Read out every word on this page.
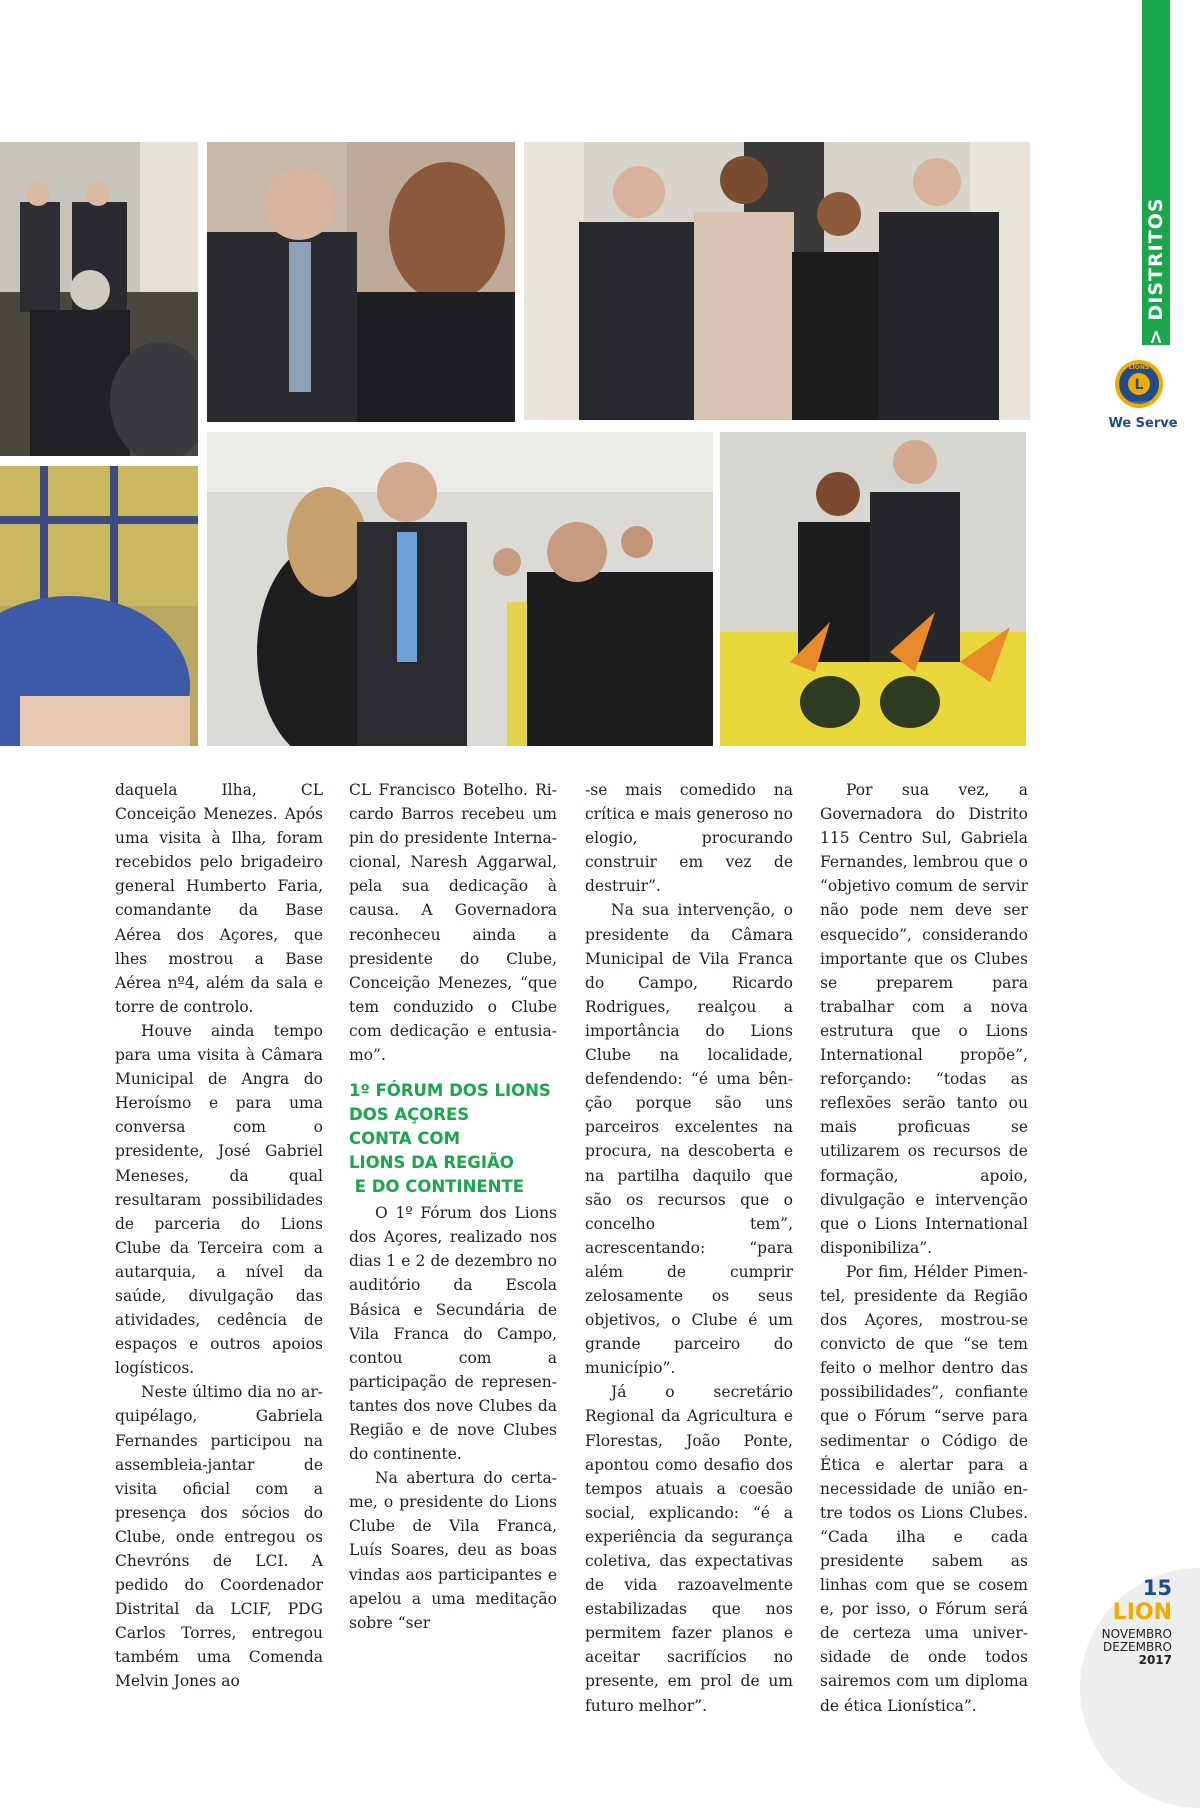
> DISTRITOS
L
LIONS
INTERNATIONAL
We Serve

daquela Ilha, CL Conceição Menezes. Após uma visita à Ilha, foram recebidos pelo brigadeiro general Humberto Faria, comandante da Base Aérea dos Açores, que lhes mostrou a Base Aérea nº4, além da sala e torre de controlo.

Houve ainda tempo para uma visita à Câmara Municipal de Angra do Heroísmo e para uma conversa com o presidente, José Gabriel Meneses, da qual resultaram possibilidades de parceria do Lions Clube da Terceira com a autarquia, a nível da saúde, divulgação das atividades, cedência de espaços e outros apoios logísticos.

Neste último dia no arquipélago, Gabriela Fernandes participou na assembleia-jantar de visita oficial com a presença dos sócios do Clube, onde entregou os Chevróns de LCI. A pedido do Coordenador Distrital da LCIF, PDG Carlos Torres, entregou também uma Comenda Melvin Jones ao

CL Francisco Botelho. Ricardo Barros recebeu um pin do presidente Internacional, Naresh Aggarwal, pela sua dedicação à causa. A Governadora reconheceu ainda a presidente do Clube, Conceição Menezes, “que tem conduzido o Clube com dedicação e entusiamo”.

1º FÓRUM DOS LIONS
DOS AÇORES
CONTA COM
LIONS DA REGIÃO
E DO CONTINENTE

O 1º Fórum dos Lions dos Açores, realizado nos dias 1 e 2 de dezembro no auditório da Escola Básica e Secundária de Vila Franca do Campo, contou com a participação de representantes dos nove Clubes da Região e de nove Clubes do continente.

Na abertura do certame, o presidente do Lions Clube de Vila Franca, Luís Soares, deu as boas vindas aos participantes e apelou a uma meditação sobre “ser

-se mais comedido na crítica e mais generoso no elogio, procurando construir em vez de destruir”.

Na sua intervenção, o presidente da Câmara Municipal de Vila Franca do Campo, Ricardo Rodrigues, realçou a importância do Lions Clube na localidade, defendendo: “é uma bênção porque são uns parceiros excelentes na procura, na descoberta e na partilha daquilo que são os recursos que o concelho tem”, acrescentando: “para além de cumprir zelosamente os seus objetivos, o Clube é um grande parceiro do município”.

Já o secretário Regional da Agricultura e Florestas, João Ponte, apontou como desafio dos tempos atuais a coesão social, explicando: “é a experiência da segurança coletiva, das expectativas de vida razoavelmente estabilizadas que nos permitem fazer planos e aceitar sacrifícios no presente, em prol de um futuro melhor”.

Por sua vez, a Governadora do Distrito 115 Centro Sul, Gabriela Fernandes, lembrou que o “objetivo comum de servir não pode nem deve ser esquecido”, considerando importante que os Clubes se preparem para trabalhar com a nova estrutura que o Lions International propõe”, reforçando: “todas as reflexões serão tanto ou mais proficuas se utilizarem os recursos de formação, apoio, divulgação e intervenção que o Lions International disponibiliza”.

Por fim, Hélder Pimentel, presidente da Região dos Açores, mostrou-se convicto de que “se tem feito o melhor dentro das possibilidades”, confiante que o Fórum “serve para sedimentar o Código de Ética e alertar para a necessidade de união entre todos os Lions Clubes. “Cada ilha e cada presidente sabem as linhas com que se cosem e, por isso, o Fórum será de certeza uma universidade de onde todos sairemos com um diploma de ética Lionística”.

15
LION
NOVEMBRO
DEZEMBRO
2017
